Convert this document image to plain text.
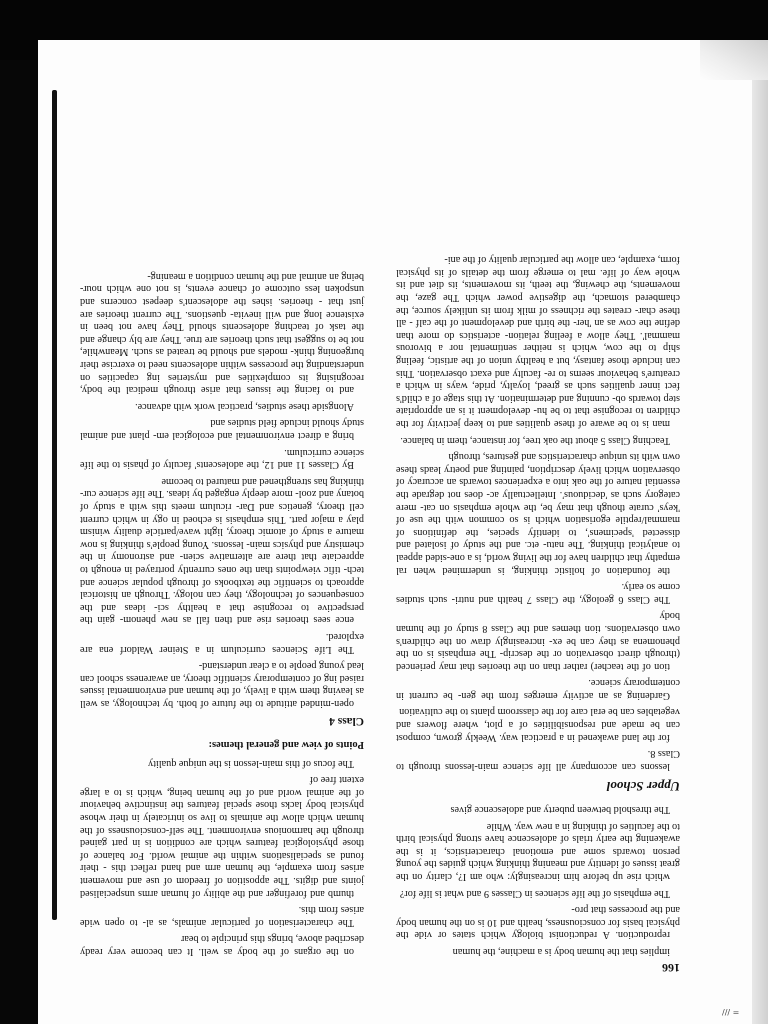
166

implies that the human body is a machine, the human

reproduction. A reductionist biology which states or vide the physical basis for consciousness, health and 10 is on the human body and the processes that pro-

The emphasis of the life sciences in Classes 9 and what is life for?

which rise up before him increasingly: who am I?, clarity on the great issues of identity and meaning thinking which guides the young person towards some and emotional characteristics, it is the awakening the early trials of adolescence have strong physical birth to the faculties of thinking in a new way. While

The threshold between puberty and adolescence gives

Upper School

lessons can accompany all life science main-lessons through to Class 8.

for the land awakened in a practical way. Weekly grown, compost can be made and responsibilities of a plot, where flowers and vegetables can be eral care for the classroom plants to the cultivation

Gardening as an activity emerges from the gen- be current in contemporary science.

tion of the teacher) rather than on the theories that may perienced (through direct observation or the descrip- The emphasis is on the phenomena as they can be ex- increasingly draw on the children's own observations. tion themes and the Class 8 study of the human body

The Class 6 geology, the Class 7 health and nutri- such studies come so early.

the foundation of holistic thinking, is undermined when ral empathy that children have for the living world, is a one-sided appeal to analytical thinking. The natu- etc. and the study of isolated and dissected 'specimens', to identify species, the definitions of mammal/reptile egorisation which is so common with the use of 'keys' curate though that may be, the whole emphasis on cat- mere category such as 'deciduous'. Intellectually ac- does not degrade the essential nature of the oak into a experiences towards an accuracy of observation which lively description, painting and poetry leads these own with its unique characteristics and gestures, through

Teaching Class 5 about the oak tree, for instance, them in balance.

man is to be aware of these qualities and to keep jectivity for the children to recognise that to be hu- development it is an appropriate step towards ob- cunning and determination. At this stage of a child's fect inner qualities such as greed, loyalty, pride, ways in which a creature's behaviour seems to re- faculty and exact observation. This can include those fantasy, but a healthy union of the artistic, feeling ship to the cow, which is neither sentimental nor a bivorous mammal'. They allow a feeling relation- acteristics do more than define the cow as an 'her- the birth and development of the calf - all these char- creates the richness of milk from its unlikely source, the chambered stomach, the digestive power which The gaze, the movements, the chewing, the teeth, its movements, its diet and its whole way of life. mal to emerge from the details of its physical form, example, can allow the particular quality of the ani-

on the organs of the body as well. It can become very ready described above, brings this principle to bear

The characterisation of particular animals, as al- to open wide arises from this.

thumb and forefinger and the ability of human arms unspecialised joints and digits. The apposition of freedom of use and movement arises from example, the human arm and hand reflect this - their found as specialisations within the animal world. For balance of those physiological features which are condition is in part gained through the harmonious environment. The self-consciousness of the human which allow the animals to live so intricately in their whose physical body lacks those special features the instinctive behaviour of the animal world and of the human being, which is to a large extent free of

The focus of this main-lesson is the unique quality

Points of view and general themes:
Class 4

open-minded attitude to the future of both. by technology, as well as leaving them with a lively, of the human and environmental issues raised ing of contemporary scientific theory, an awareness school can lead young people to a clear understand-

The Life Sciences curriculum in a Steiner Waldorf ena are explored.

ence sees theories rise and then fall as new phenom- gain the perspective to recognise that a healthy sci- ideas and the consequences of technology, they can nology. Through an historical approach to scientific the textbooks of through popular science and tech- tific viewpoints than the ones currently portrayed in enough to appreciate that there are alternative scien- and astronomy in the chemistry and physics main- lessons. Young people's thinking is now mature a study of atomic theory, light wave/particle duality winism play a major part. This emphasis is echoed in ogy in which current cell theory, genetics and Dar- riculum meets this with a study of botany and zool- more deeply engaged by ideas. The life science cur- thinking has strengthened and matured to become

By Classes 11 and 12, the adolescents' faculty of phasis to the life science curriculum.

bring a direct environmental and ecological em- plant and animal study should include field studies and

Alongside these studies, practical work with advance.

and to facing the issues that arise through medical the body, recognising its complexities and mysteries ing capacities on understanding the processes within adolescents need to exercise their burgeoning think- models and should be treated as such. Meanwhile, not be to suggest that such theories are true. They are bly change and the task of teaching adolescents should They have not been in existence long and will inevita- questions. The current theories are just that - theories. ishes the adolescent's deepest concerns and unspoken less outcome of chance events, is not one which nour- being an animal and the human condition a meaning-

/// =
